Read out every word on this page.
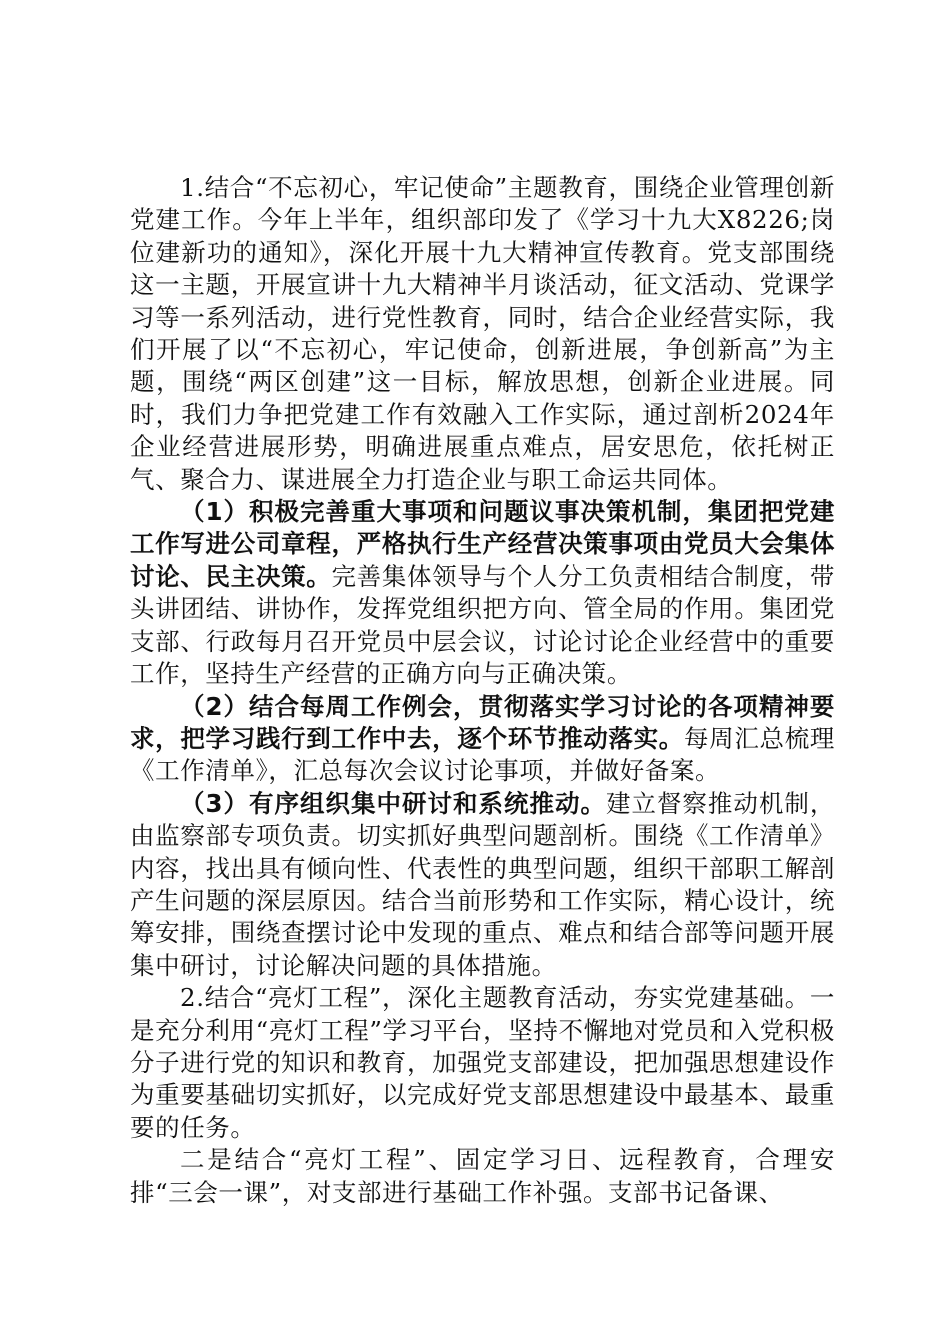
1.结合“不忘初心，牢记使命”主题教育，围绕企业管理创新党建工作。今年上半年，组织部印发了《学习十九大X8226;岗位建新功的通知》，深化开展十九大精神宣传教育。党支部围绕这一主题，开展宣讲十九大精神半月谈活动，征文活动、党课学习等一系列活动，进行党性教育，同时，结合企业经营实际，我们开展了以“不忘初心，牢记使命，创新进展，争创新高”为主题，围绕“两区创建”这一目标，解放思想，创新企业进展。同时，我们力争把党建工作有效融入工作实际，通过剖析2024年企业经营进展形势，明确进展重点难点，居安思危，依托树正气、聚合力、谋进展全力打造企业与职工命运共同体。

（1）积极完善重大事项和问题议事决策机制，集团把党建工作写进公司章程，严格执行生产经营决策事项由党员大会集体讨论、民主决策。完善集体领导与个人分工负责相结合制度，带头讲团结、讲协作，发挥党组织把方向、管全局的作用。集团党支部、行政每月召开党员中层会议，讨论讨论企业经营中的重要工作，坚持生产经营的正确方向与正确决策。

（2）结合每周工作例会，贯彻落实学习讨论的各项精神要求，把学习践行到工作中去，逐个环节推动落实。每周汇总梳理《工作清单》，汇总每次会议讨论事项，并做好备案。

（3）有序组织集中研讨和系统推动。建立督察推动机制，由监察部专项负责。切实抓好典型问题剖析。围绕《工作清单》内容，找出具有倾向性、代表性的典型问题，组织干部职工解剖产生问题的深层原因。结合当前形势和工作实际，精心设计，统筹安排，围绕查摆讨论中发现的重点、难点和结合部等问题开展集中研讨，讨论解决问题的具体措施。

2.结合“亮灯工程”，深化主题教育活动，夯实党建基础。一是充分利用“亮灯工程”学习平台，坚持不懈地对党员和入党积极分子进行党的知识和教育，加强党支部建设，把加强思想建设作为重要基础切实抓好，以完成好党支部思想建设中最基本、最重要的任务。

二是结合“亮灯工程”、固定学习日、远程教育，合理安排“三会一课”，对支部进行基础工作补强。支部书记备课、
